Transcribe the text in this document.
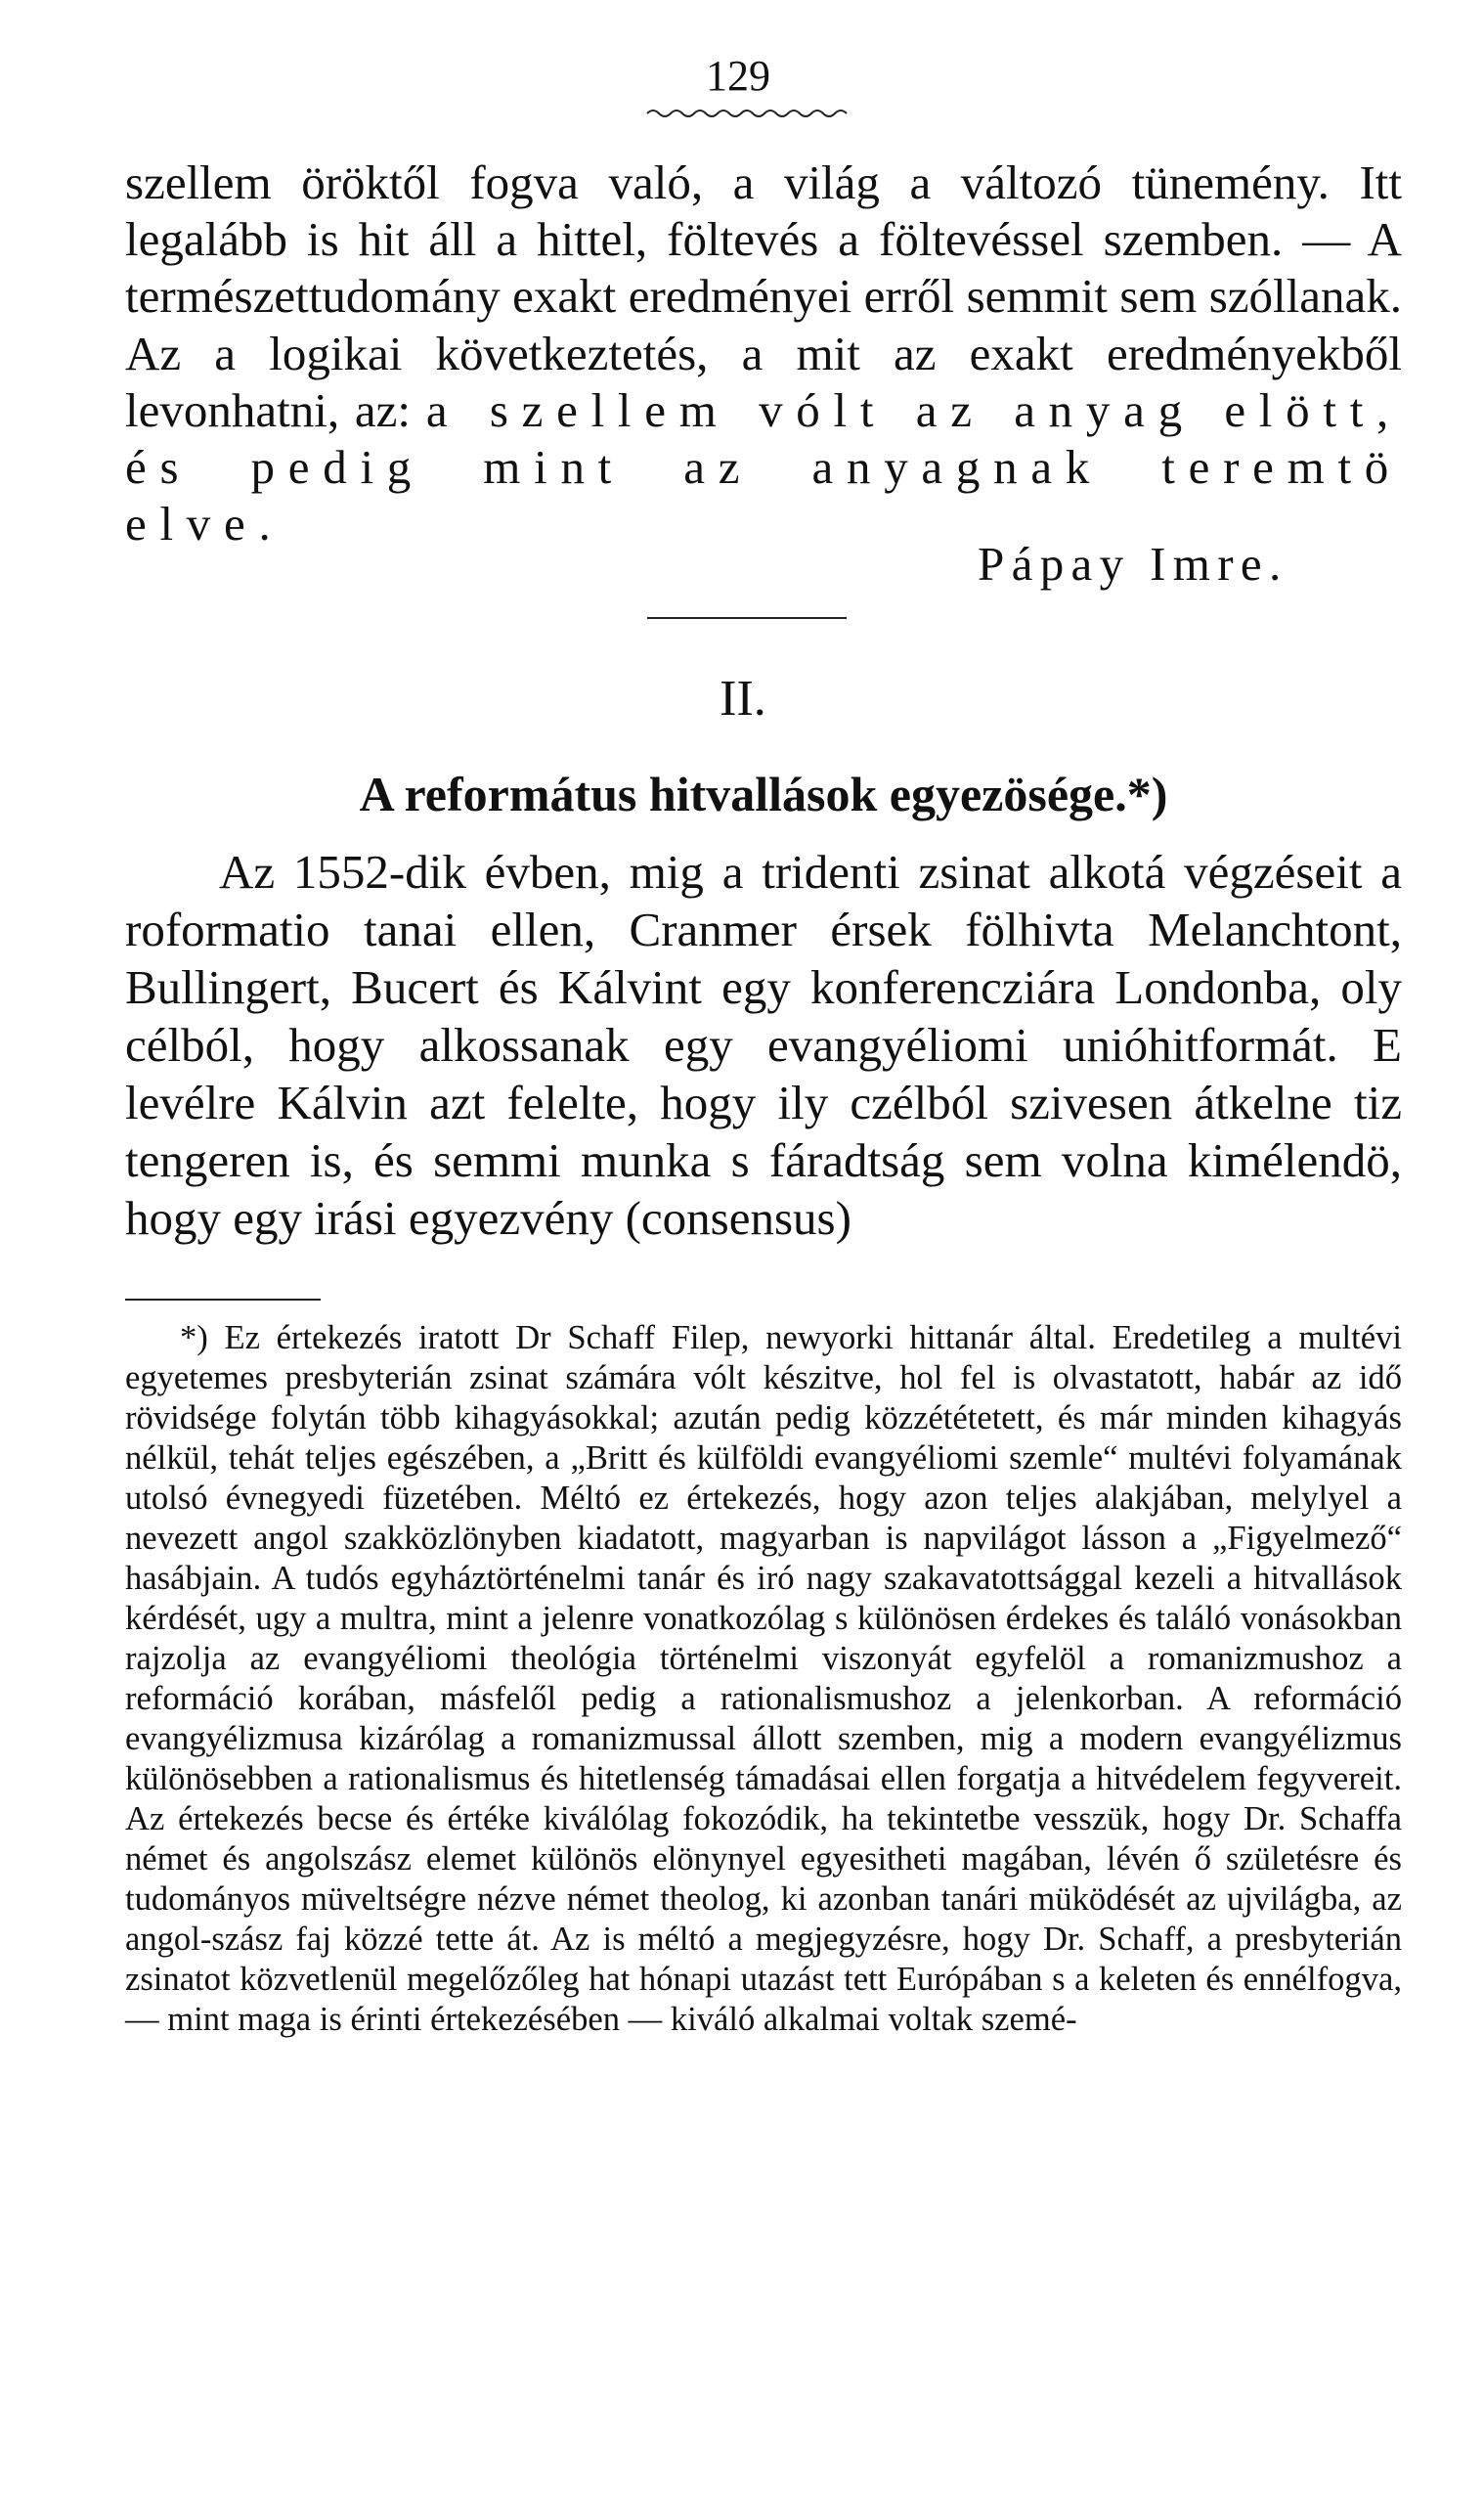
129
szellem öröktől fogva való, a világ a változó tünemény. Itt legalább is hit áll a hittel, föltevés a föltevéssel szemben. — A természettudomány exakt eredményei erről semmit sem szóllanak. Az a logikai következtetés, a mit az exakt eredményekből levonhatni, az: a szellem vólt az anyag elött, és pedig mint az anyagnak teremtö elve.
Pápay Imre.
II.
A református hitvallások egyezösége.*)
Az 1552-dik évben, mig a tridenti zsinat alkotá végzéseit a roformatio tanai ellen, Cranmer érsek fölhivta Melanchtont, Bullingert, Bucert és Kálvint egy konferencziára Londonba, oly célból, hogy alkossanak egy evangyéliomi unióhitformát. E levélre Kálvin azt felelte, hogy ily czélból szivesen átkelne tiz tengeren is, és semmi munka s fáradtság sem volna kimélendö, hogy egy irási egyezvény (consensus)
*) Ez értekezés iratott Dr Schaff Filep, newyorki hittanár által. Eredetileg a multévi egyetemes presbyterián zsinat számára vólt készitve, hol fel is olvastatott, habár az idő rövidsége folytán több kihagyásokkal; azután pedig közzététetett, és már minden kihagyás nélkül, tehát teljes egészében, a „Britt és külföldi evangyéliomi szemle“ multévi folyamának utolsó évnegyedi füzetében. Méltó ez értekezés, hogy azon teljes alakjában, melylyel a nevezett angol szakközlönyben kiadatott, magyarban is napvilágot lásson a „Figyelmező“ hasábjain. A tudós egyháztörténelmi tanár és iró nagy szakavatottsággal kezeli a hitvallások kérdését, ugy a multra, mint a jelenre vonatkozólag s különösen érdekes és találó vonásokban rajzolja az evangyéliomi theológia történelmi viszonyát egyfelöl a romanizmushoz a reformáció korában, másfelől pedig a rationalismushoz a jelenkorban. A reformáció evangyélizmusa kizárólag a romanizmussal állott szemben, mig a modern evangyélizmus különösebben a rationalismus és hitetlenség támadásai ellen forgatja a hitvédelem fegyvereit. Az értekezés becse és értéke kiválólag fokozódik, ha tekintetbe vesszük, hogy Dr. Schaffa német és angolszász elemet különös elönynyel egyesitheti magában, lévén ő születésre és tudományos müveltségre nézve német theolog, ki azonban tanári müködését az ujvilágba, az angol-szász faj közzé tette át. Az is méltó a megjegyzésre, hogy Dr. Schaff, a presbyterián zsinatot közvetlenül megelőzőleg hat hónapi utazást tett Európában s a keleten és ennélfogva, — mint maga is érinti értekezésében — kiváló alkalmai voltak szemé-
